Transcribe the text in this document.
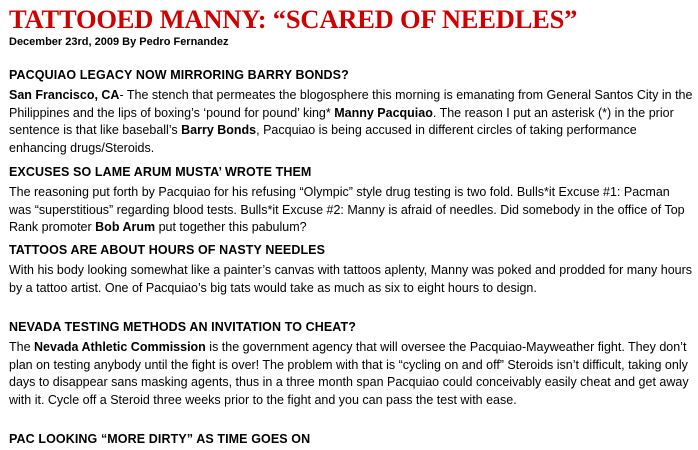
TATTOOED MANNY: “SCARED OF NEEDLES”
December 23rd, 2009 By Pedro Fernandez
PACQUIAO LEGACY NOW MIRRORING BARRY BONDS?

San Francisco, CA- The stench that permeates the blogosphere this morning is emanating from General Santos City in the Philippines and the lips of boxing’s ‘pound for pound’ king* Manny Pacquiao. The reason I put an asterisk (*) in the prior sentence is that like baseball’s Barry Bonds, Pacquiao is being accused in different circles of taking performance enhancing drugs/Steroids.

EXCUSES SO LAME ARUM MUSTA’ WROTE THEM

The reasoning put forth by Pacquiao for his refusing “Olympic” style drug testing is two fold. Bulls*it Excuse #1: Pacman was “superstitious” regarding blood tests. Bulls*it Excuse #2: Manny is afraid of needles. Did somebody in the office of Top Rank promoter Bob Arum put together this pabulum?

TATTOOS ARE ABOUT HOURS OF NASTY NEEDLES

With his body looking somewhat like a painter’s canvas with tattoos aplenty, Manny was poked and prodded for many hours by a tattoo artist. One of Pacquiao’s big tats would take as much as six to eight hours to design.

NEVADA TESTING METHODS AN INVITATION TO CHEAT?

The Nevada Athletic Commission is the government agency that will oversee the Pacquiao-Mayweather fight. They don’t plan on testing anybody until the fight is over! The problem with that is “cycling on and off” Steroids isn’t difficult, taking only days to disappear sans masking agents, thus in a three month span Pacquiao could conceivably easily cheat and get away with it. Cycle off a Steroid three weeks prior to the fight and you can pass the test with ease.

PAC LOOKING “MORE DIRTY” AS TIME GOES ON
